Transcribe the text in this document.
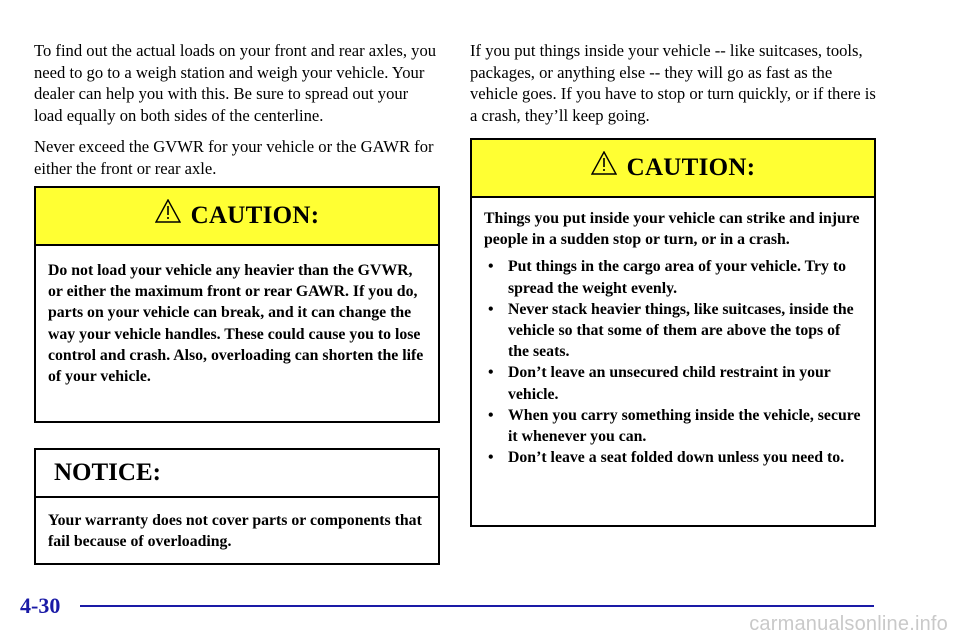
To find out the actual loads on your front and rear axles, you need to go to a weigh station and weigh your vehicle. Your dealer can help you with this. Be sure to spread out your load equally on both sides of the centerline.

Never exceed the GVWR for your vehicle or the GAWR for either the front or rear axle.

CAUTION:

Do not load your vehicle any heavier than the GVWR, or either the maximum front or rear GAWR. If you do, parts on your vehicle can break, and it can change the way your vehicle handles. These could cause you to lose control and crash. Also, overloading can shorten the life of your vehicle.

NOTICE:

Your warranty does not cover parts or components that fail because of overloading.

If you put things inside your vehicle -- like suitcases, tools, packages, or anything else -- they will go as fast as the vehicle goes. If you have to stop or turn quickly, or if there is a crash, they’ll keep going.

CAUTION:

Things you put inside your vehicle can strike and injure people in a sudden stop or turn, or in a crash.

• Put things in the cargo area of your vehicle. Try to spread the weight evenly.
• Never stack heavier things, like suitcases, inside the vehicle so that some of them are above the tops of the seats.
• Don’t leave an unsecured child restraint in your vehicle.
• When you carry something inside the vehicle, secure it whenever you can.
• Don’t leave a seat folded down unless you need to.
4-30
carmanualsonline.info
